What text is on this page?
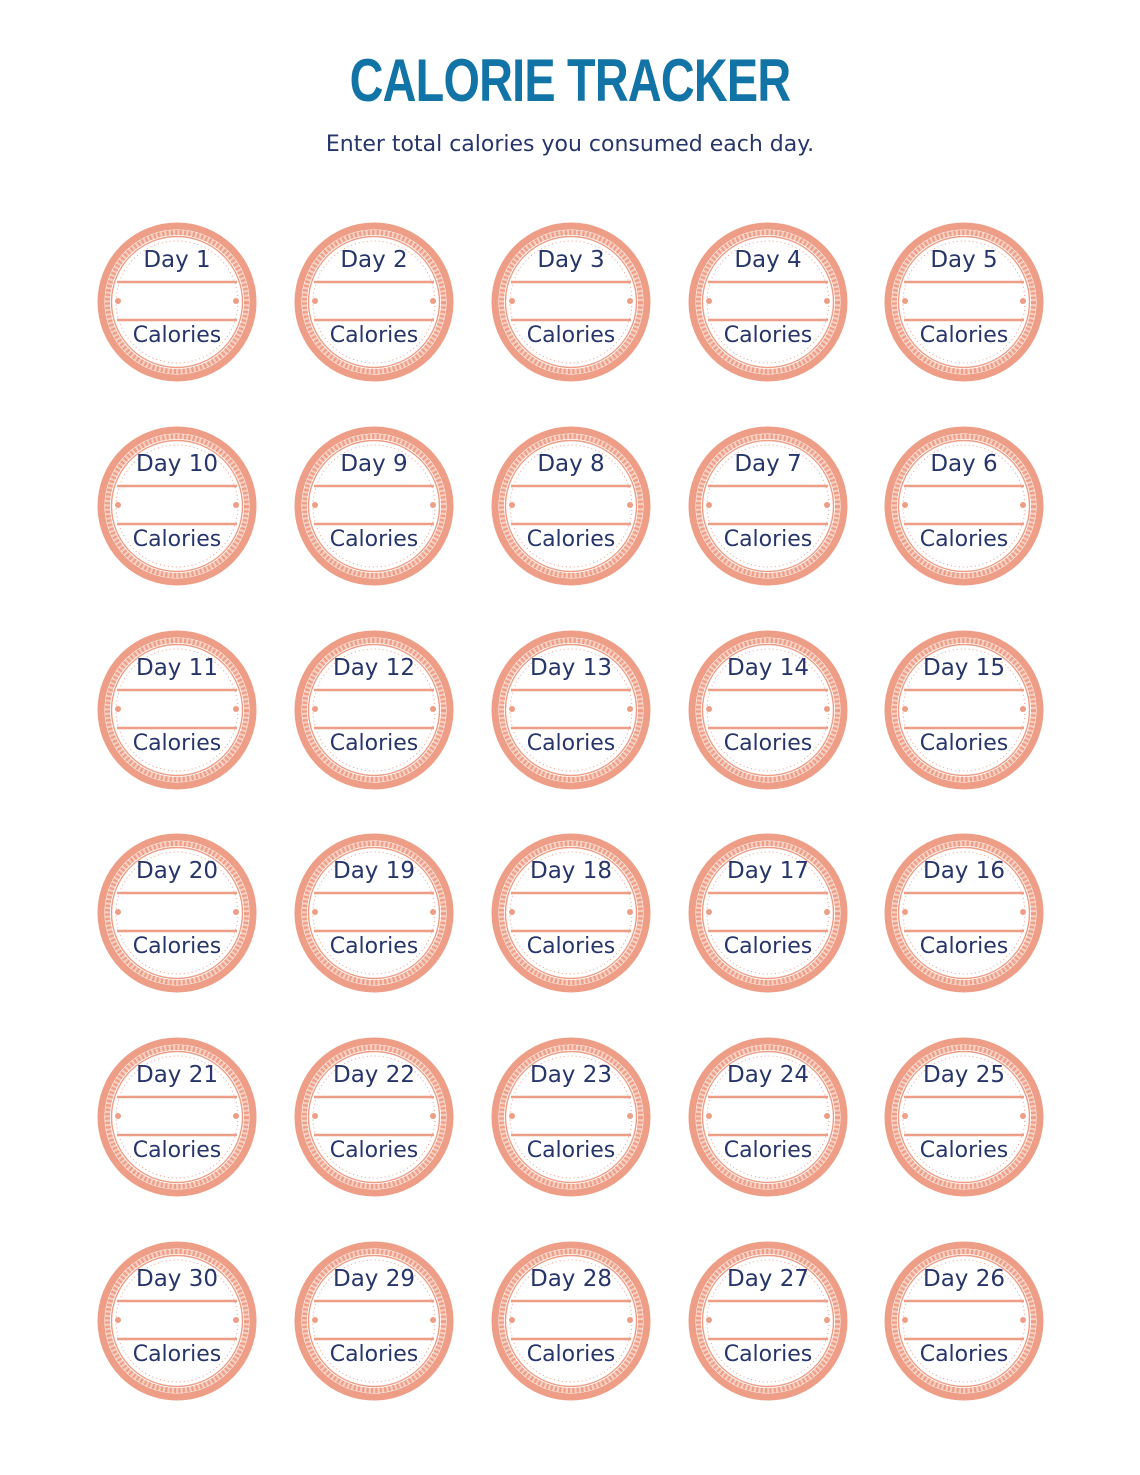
CALORIE TRACKER
Enter total calories you consumed each day.
Day 1
Calories
Day 2
Calories
Day 3
Calories
Day 4
Calories
Day 5
Calories
Day 10
Calories
Day 9
Calories
Day 8
Calories
Day 7
Calories
Day 6
Calories
Day 11
Calories
Day 12
Calories
Day 13
Calories
Day 14
Calories
Day 15
Calories
Day 20
Calories
Day 19
Calories
Day 18
Calories
Day 17
Calories
Day 16
Calories
Day 21
Calories
Day 22
Calories
Day 23
Calories
Day 24
Calories
Day 25
Calories
Day 30
Calories
Day 29
Calories
Day 28
Calories
Day 27
Calories
Day 26
Calories
